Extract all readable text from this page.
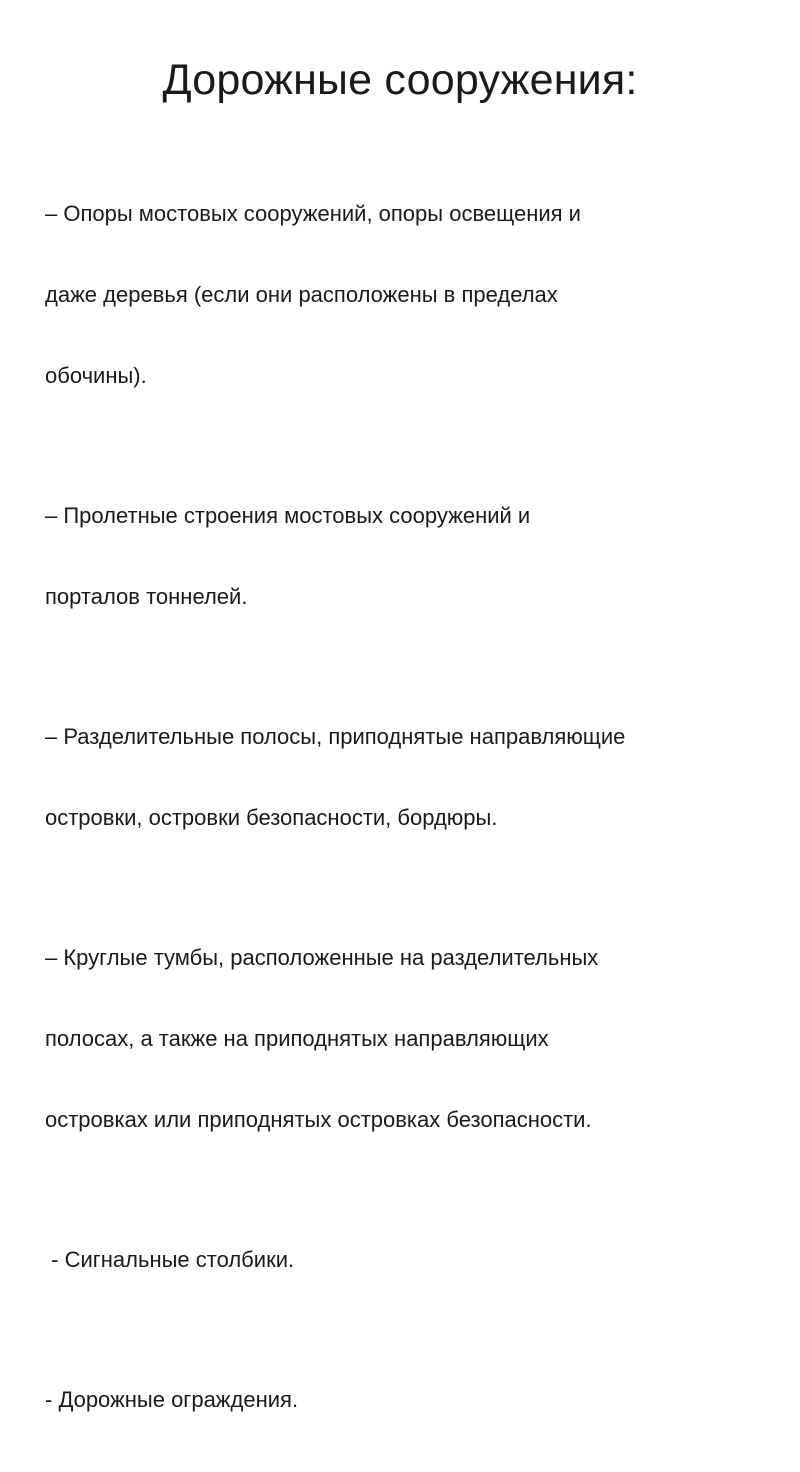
Дорожные сооружения:

– Опоры мостовых сооружений, опоры освещения и

даже деревья (если они расположены в пределах

обочины).

– Пролетные строения мостовых сооружений и

порталов тоннелей.

– Разделительные полосы, приподнятые направляющие

островки, островки безопасности, бордюры.

– Круглые тумбы, расположенные на разделительных

полосах, а также на приподнятых направляющих

островках или приподнятых островках безопасности.

- Сигнальные столбики.

- Дорожные ограждения.
